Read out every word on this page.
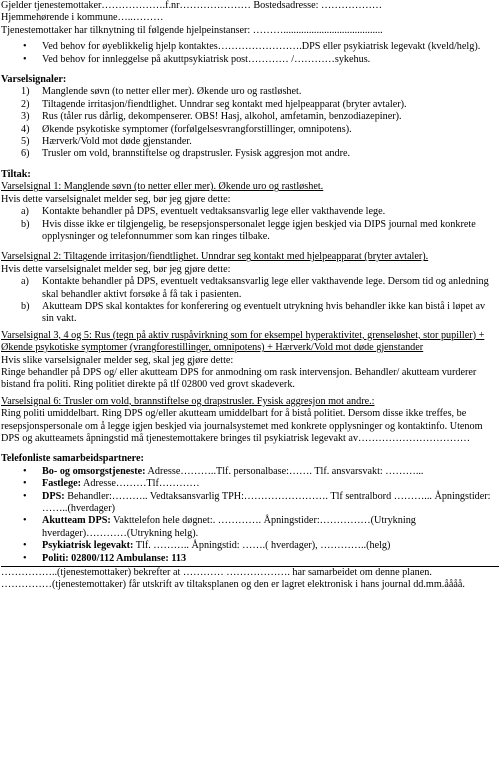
Gjelder tjenestemottaker……………….f.nr………………… Bostedsadresse: ………………
Hjemmehørende i kommune…..………
Tjenestemottaker har tilknytning til følgende hjelpeinstanser: ……….......................................
• Ved behov for øyeblikkelig hjelp kontaktes…………………….DPS eller psykiatrisk legevakt (kveld/helg).
• Ved behov for innleggelse på akuttpsykiatrisk post………… /…………sykehus.
Varselsignaler:
1) Manglende søvn (to netter eller mer). Økende uro og rastløshet.
2) Tiltagende irritasjon/fiendtlighet. Unndrar seg kontakt med hjelpeapparat (bryter avtaler).
3) Rus (tåler rus dårlig, dekompenserer. OBS! Hasj, alkohol, amfetamin, benzodiazepiner).
4) Økende psykotiske symptomer (forfølgelsesvrangforstillinger, omnipotens).
5) Hærverk/Vold mot døde gjenstander.
6) Trusler om vold, brannstiftelse og drapstrusler. Fysisk aggresjon mot andre.
Tiltak:
Varselsignal 1: Manglende søvn (to netter eller mer). Økende uro og rastløshet.
Hvis dette varselsignalet melder seg, bør jeg gjøre dette:
a) Kontakte behandler på DPS, eventuelt vedtaksansvarlig lege eller vakthavende lege.
b) Hvis disse ikke er tilgjengelig, be resepsjonspersonalet legge igjen beskjed via DIPS journal med konkrete opplysninger og telefonnummer som kan ringes tilbake.
Varselsignal 2: Tiltagende irritasjon/fiendtlighet. Unndrar seg kontakt med hjelpeapparat (bryter avtaler).
Hvis dette varselsignalet melder seg, bør jeg gjøre dette:
a) Kontakte behandler på DPS, eventuelt vedtaksansvarlig lege eller vakthavende lege. Dersom tid og anledning skal behandler aktivt forsøke å få tak i pasienten.
b) Akutteam DPS skal kontaktes for konferering og eventuelt utrykning hvis behandler ikke kan bistå i løpet av sin vakt.
Varselsignal 3, 4 og 5: Rus (tegn på aktiv ruspåvirkning som for eksempel hyperaktivitet, grenseløshet, stor pupiller) + Økende psykotiske symptomer (vrangforestillinger, omnipotens) + Hærverk/Vold mot døde gjenstander
Hvis slike varselsignaler melder seg, skal jeg gjøre dette:
Ringe behandler på DPS og/ eller akutteam DPS for anmodning om rask intervensjon. Behandler/ akutteam vurderer bistand fra politi. Ring politiet direkte på tlf 02800 ved grovt skadeverk.
Varselsignal 6: Trusler om vold, brannstiftelse og drapstrusler. Fysisk aggresjon mot andre.:
Ring politi umiddelbart. Ring DPS og/eller akutteam umiddelbart for å bistå politiet. Dersom disse ikke treffes, be resepsjonspersonale om å legge igjen beskjed via journalsystemet med konkrete opplysninger og kontaktinfo. Utenom DPS og akutteamets åpningstid må tjenestemottakere bringes til psykiatrisk legevakt av……………………………
Telefonliste samarbeidspartnere:
• Bo- og omsorgstjeneste: Adresse………..Tlf. personalbase:……. Tlf. ansvarsvakt: ………...
• Fastlege: Adresse………Tlf…………
• DPS: Behandler:……….. Vedtaksansvarlig TPH:……………………. Tlf sentralbord ………... Åpningstider: ……..(hverdager)
• Akutteam DPS: Vakttelefon hele døgnet:. …………. Åpningstider:……………(Utrykning hverdager)…………(Utrykning helg).
• Psykiatrisk legevakt: Tlf. ……….. Åpningstid: …….( hverdager), …………..(helg)
• Politi: 02800/112 Ambulanse: 113
……………..(tjenestemottaker) bekrefter at ………… ………………. har samarbeidet om denne planen.
……………(tjenestemottaker) får utskrift av tiltaksplanen og den er lagret elektronisk i hans journal dd.mm.åååå.
